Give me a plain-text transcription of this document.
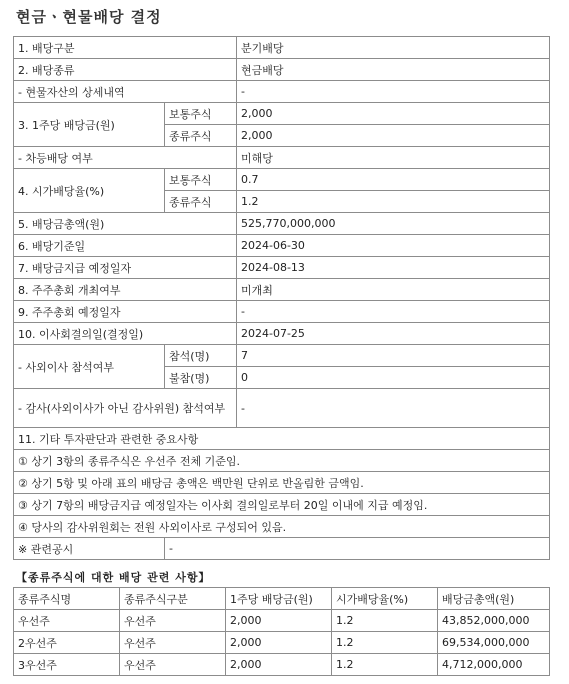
현금ㆍ현물배당 결정
1. 배당구분		분기배당
2. 배당종류		현금배당
- 현물자산의 상세내역		-
3. 1주당 배당금(원)	보통주식	2,000
	종류주식	2,000
- 차등배당 여부		미해당
4. 시가배당율(%)	보통주식	0.7
	종류주식	1.2
5. 배당금총액(원)		525,770,000,000
6. 배당기준일		2024-06-30
7. 배당금지급 예정일자		2024-08-13
8. 주주총회 개최여부		미개최
9. 주주총회 예정일자		-
10. 이사회결의일(결정일)		2024-07-25
- 사외이사 참석여부	참석(명)	7
	불참(명)	0
- 감사(사외이사가 아닌 감사위원) 참석여부		-
11. 기타 투자판단과 관련한 중요사항		
① 상기 3항의 종류주식은 우선주 전체 기준임.		
② 상기 5항 및 아래 표의 배당금 총액은 백만원 단위로 반올림한 금액임.		
③ 상기 7항의 배당금지급 예정일자는 이사회 결의일로부터 20일 이내에 지급 예정임.		
④ 당사의 감사위원회는 전원 사외이사로 구성되어 있음.		
※ 관련공시	-	
【종류주식에 대한 배당 관련 사항】
종류주식명	종류주식구분	1주당 배당금(원)	시가배당율(%)	배당금총액(원)
우선주	우선주	2,000	1.2	43,852,000,000
2우선주	우선주	2,000	1.2	69,534,000,000
3우선주	우선주	2,000	1.2	4,712,000,000
